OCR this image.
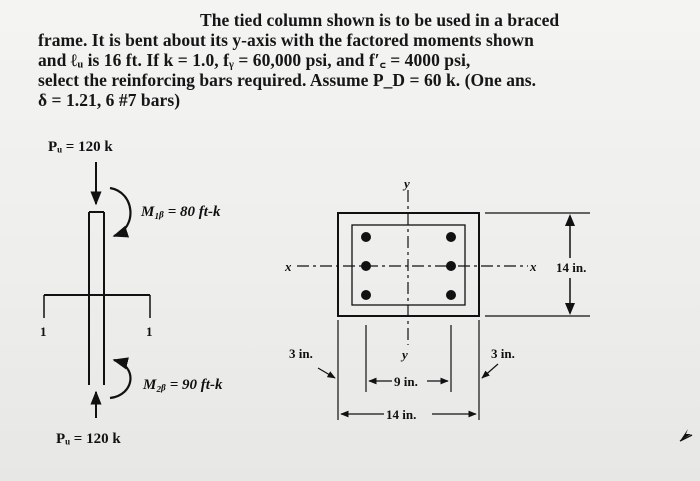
The tied column shown is to be used in a braced
frame. It is bent about its y-axis with the factored moments shown
and ℓᵤ is 16 ft. If k = 1.0, fᵧ = 60,000 psi, and f′꜀ = 4000 psi,
select the reinforcing bars required. Assume P_D = 60 k. (One ans.
δ = 1.21, 6 #7 bars)
Pᵤ = 120 k
1	1
M₁ᵦ = 80 ft-k
M₂ᵦ = 90 ft-k
Pᵤ = 120 k
y
y
x	x 14 in.
3 in.	3 in.
9 in.
14 in.
